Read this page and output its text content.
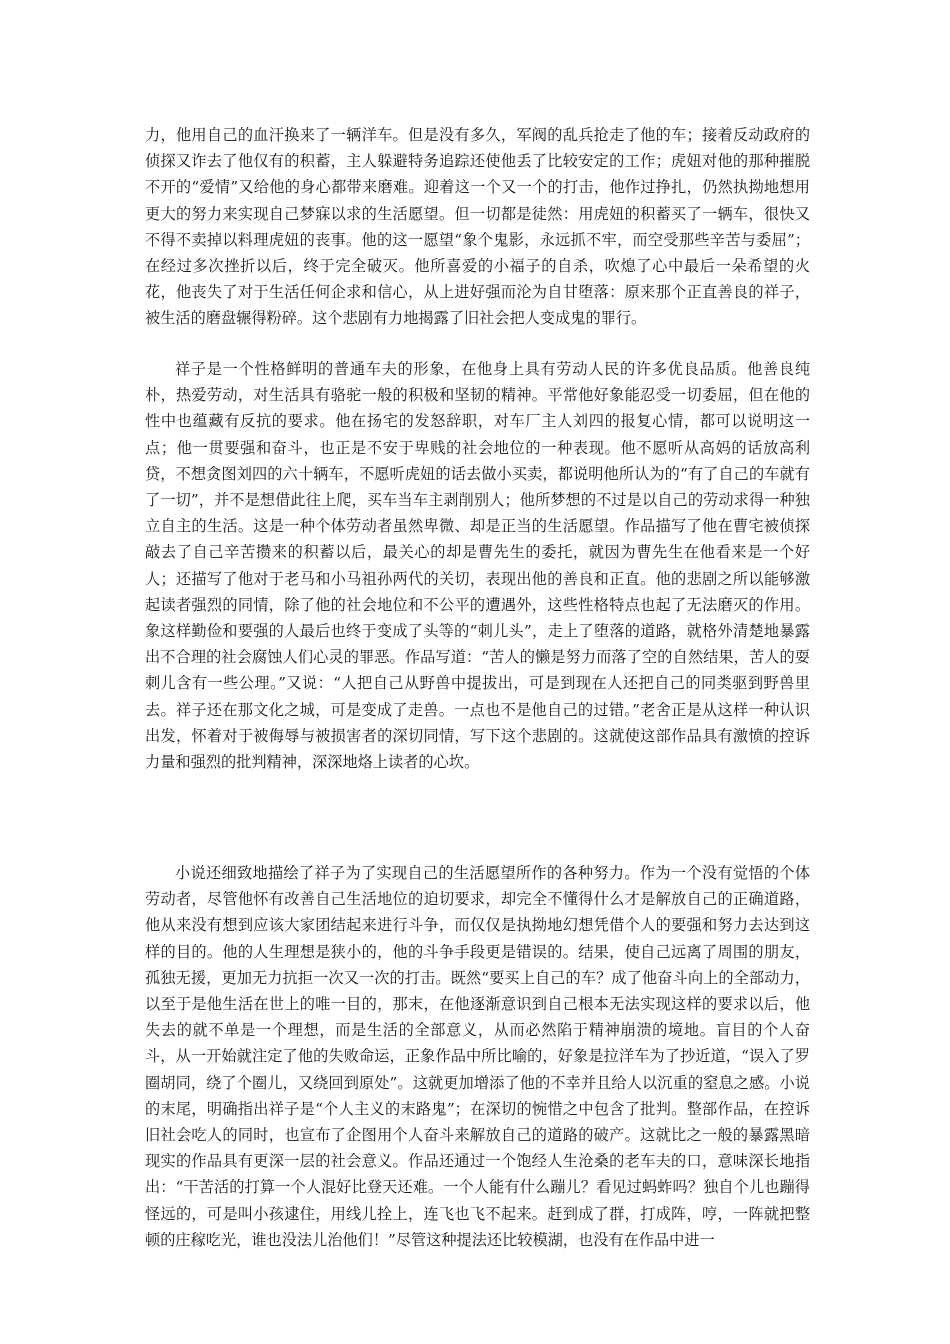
力，他用自己的血汗换来了一辆洋车。但是没有多久，军阀的乱兵抢走了他的车；接着反动政府的侦探又诈去了他仅有的积蓄，主人躲避特务追踪还使他丢了比较安定的工作；虎妞对他的那种摧脱不开的“爱情”又给他的身心都带来磨难。迎着这一个又一个的打击，他作过挣扎，仍然执拗地想用更大的努力来实现自己梦寐以求的生活愿望。但一切都是徒然：用虎妞的积蓄买了一辆车，很快又不得不卖掉以料理虎妞的丧事。他的这一愿望“象个鬼影，永远抓不牢，而空受那些辛苦与委屈”；在经过多次挫折以后，终于完全破灭。他所喜爱的小福子的自杀，吹熄了心中最后一朵希望的火花，他丧失了对于生活任何企求和信心，从上进好强而沦为自甘堕落：原来那个正直善良的祥子，被生活的磨盘辗得粉碎。这个悲剧有力地揭露了旧社会把人变成鬼的罪行。

祥子是一个性格鲜明的普通车夫的形象，在他身上具有劳动人民的许多优良品质。他善良纯朴，热爱劳动，对生活具有骆驼一般的积极和坚韧的精神。平常他好象能忍受一切委屈，但在他的性中也蕴藏有反抗的要求。他在扬宅的发怒辞职，对车厂主人刘四的报复心情，都可以说明这一点；他一贯要强和奋斗，也正是不安于卑贱的社会地位的一种表现。他不愿听从高妈的话放高利贷，不想贪图刘四的六十辆车，不愿听虎妞的话去做小买卖，都说明他所认为的“有了自己的车就有了一切”，并不是想借此往上爬，买车当车主剥削别人；他所梦想的不过是以自己的劳动求得一种独立自主的生活。这是一种个体劳动者虽然卑微、却是正当的生活愿望。作品描写了他在曹宅被侦探敲去了自己辛苦攒来的积蓄以后，最关心的却是曹先生的委托，就因为曹先生在他看来是一个好人；还描写了他对于老马和小马祖孙两代的关切，表现出他的善良和正直。他的悲剧之所以能够激起读者强烈的同情，除了他的社会地位和不公平的遭遇外，这些性格特点也起了无法磨灭的作用。象这样勤俭和要强的人最后也终于变成了头等的“刺儿头”，走上了堕落的道路，就格外清楚地暴露出不合理的社会腐蚀人们心灵的罪恶。作品写道：“苦人的懒是努力而落了空的自然结果，苦人的耍刺儿含有一些公理。”又说：“人把自己从野兽中提拔出，可是到现在人还把自己的同类驱到野兽里去。祥子还在那文化之城，可是变成了走兽。一点也不是他自己的过错。”老舍正是从这样一种认识出发，怀着对于被侮辱与被损害者的深切同情，写下这个悲剧的。这就使这部作品具有激愤的控诉力量和强烈的批判精神，深深地烙上读者的心坎。

小说还细致地描绘了祥子为了实现自己的生活愿望所作的各种努力。作为一个没有觉悟的个体劳动者，尽管他怀有改善自己生活地位的迫切要求，却完全不懂得什么才是解放自己的正确道路，他从来没有想到应该大家团结起来进行斗争，而仅仅是执拗地幻想凭借个人的要强和努力去达到这样的目的。他的人生理想是狭小的，他的斗争手段更是错误的。结果，使自己远离了周围的朋友，孤独无援，更加无力抗拒一次又一次的打击。既然“要买上自己的车？成了他奋斗向上的全部动力，以至于是他生活在世上的唯一目的，那末，在他逐渐意识到自己根本无法实现这样的要求以后，他失去的就不单是一个理想，而是生活的全部意义，从而必然陷于精神崩溃的境地。盲目的个人奋斗，从一开始就注定了他的失败命运，正象作品中所比喻的，好象是拉洋车为了抄近道，“误入了罗圈胡同，绕了个圈儿，又绕回到原处”。这就更加增添了他的不幸并且给人以沉重的窒息之感。小说的末尾，明确指出祥子是“个人主义的末路鬼”；在深切的惋惜之中包含了批判。整部作品，在控诉旧社会吃人的同时，也宣布了企图用个人奋斗来解放自己的道路的破产。这就比之一般的暴露黑暗现实的作品具有更深一层的社会意义。作品还通过一个饱经人生沧桑的老车夫的口，意味深长地指出：“干苦活的打算一个人混好比登天还难。一个人能有什么蹦儿？看见过蚂蚱吗？独自个儿也蹦得怪远的，可是叫小孩逮住，用线儿拴上，连飞也飞不起来。赶到成了群，打成阵，哼，一阵就把整顿的庄稼吃光，谁也没法儿治他们！”尽管这种提法还比较模湖，也没有在作品中进一
